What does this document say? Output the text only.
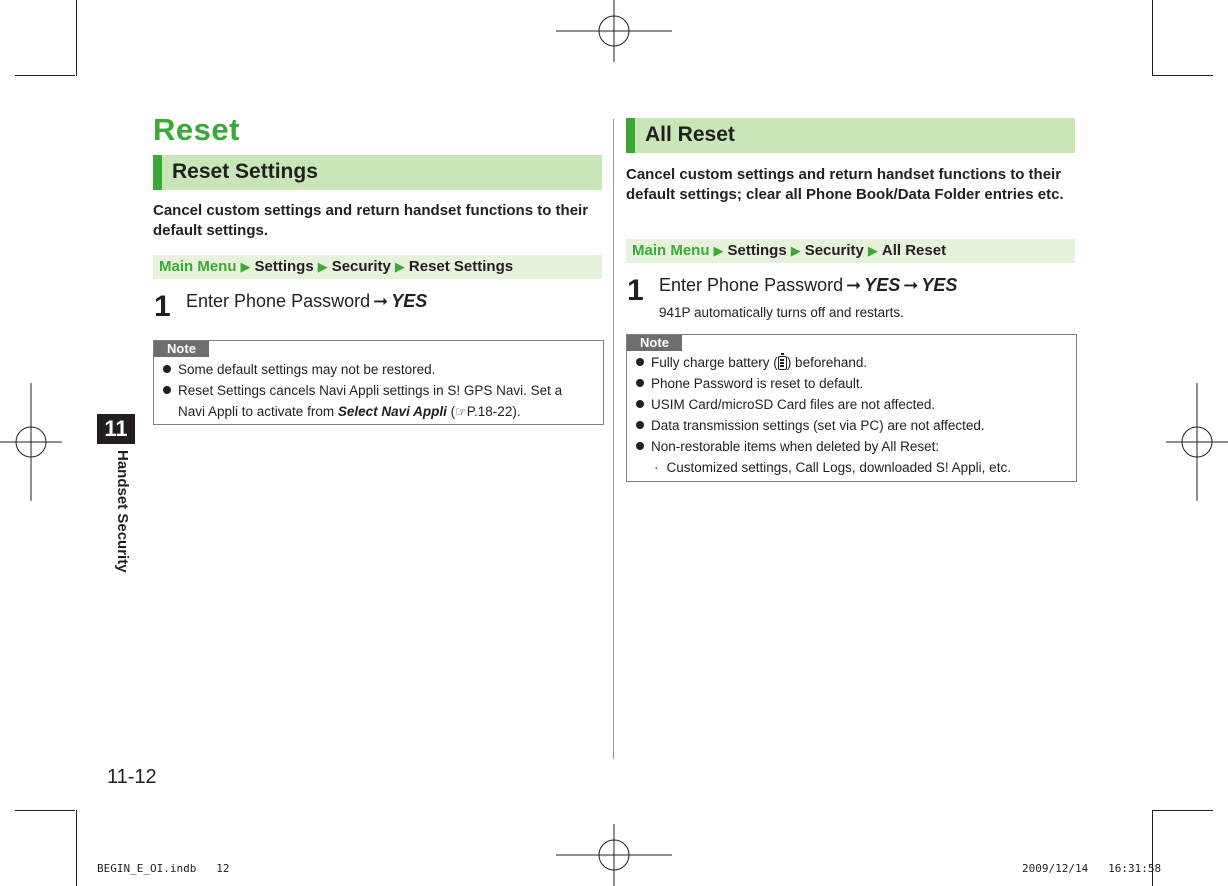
11
Handset Security
Reset
Reset Settings
Cancel custom settings and return handset functions to their default settings.
Main Menu ▶ Settings ▶ Security ▶ Reset Settings
1 Enter Phone Password ➞ YES
Note
Some default settings may not be restored.
Reset Settings cancels Navi Appli settings in S! GPS Navi. Set a
Navi Appli to activate from Select Navi Appli (☞P.18-22).
All Reset
Cancel custom settings and return handset functions to their default settings; clear all Phone Book/Data Folder entries etc.
Main Menu ▶ Settings ▶ Security ▶ All Reset
1 Enter Phone Password ➞ YES ➞ YES
941P automatically turns off and restarts.
Note
Fully charge battery ( ) beforehand.
Phone Password is reset to default.
USIM Card/microSD Card files are not affected.
Data transmission settings (set via PC) are not affected.
Non-restorable items when deleted by All Reset:
· Customized settings, Call Logs, downloaded S! Appli, etc.
11-12
BEGIN_E_OI.indb   12	2009/12/14   16:31:58
